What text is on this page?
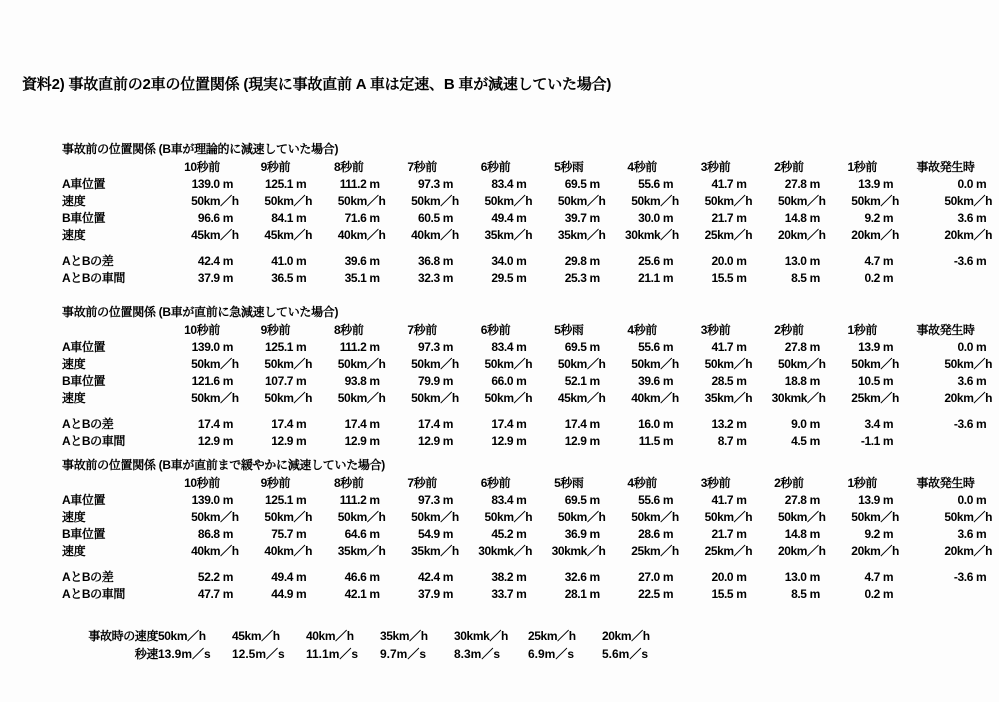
資料2) 事故直前の2車の位置関係 (現実に事故直前 A 車は定速、B 車が減速していた場合)
事故前の位置関係 (B車が理論的に減速していた場合)
	10秒前	9秒前	8秒前	7秒前	6秒前	5秒雨	4秒前	3秒前	2秒前	1秒前	事故発生時
A車位置	139.0 m	125.1 m	111.2 m	97.3 m	83.4 m	69.5 m	55.6 m	41.7 m	27.8 m	13.9 m	0.0 m
速度	50km／h	50km／h	50km／h	50km／h	50km／h	50km／h	50km／h	50km／h	50km／h	50km／h	50km／h
B車位置	96.6 m	84.1 m	71.6 m	60.5 m	49.4 m	39.7 m	30.0 m	21.7 m	14.8 m	9.2 m	3.6 m
速度	45km／h	45km／h	40km／h	40km／h	35km／h	35km／h	30kmk／h	25km／h	20km／h	20km／h	20km／h

AとBの差	42.4 m	41.0 m	39.6 m	36.8 m	34.0 m	29.8 m	25.6 m	20.0 m	13.0 m	4.7 m	-3.6 m
AとBの車間	37.9 m	36.5 m	35.1 m	32.3 m	29.5 m	25.3 m	21.1 m	15.5 m	8.5 m	0.2 m	
事故前の位置関係 (B車が直前に急減速していた場合)
	10秒前	9秒前	8秒前	7秒前	6秒前	5秒雨	4秒前	3秒前	2秒前	1秒前	事故発生時
A車位置	139.0 m	125.1 m	111.2 m	97.3 m	83.4 m	69.5 m	55.6 m	41.7 m	27.8 m	13.9 m	0.0 m
速度	50km／h	50km／h	50km／h	50km／h	50km／h	50km／h	50km／h	50km／h	50km／h	50km／h	50km／h
B車位置	121.6 m	107.7 m	93.8 m	79.9 m	66.0 m	52.1 m	39.6 m	28.5 m	18.8 m	10.5 m	3.6 m
速度	50km／h	50km／h	50km／h	50km／h	50km／h	45km／h	40km／h	35km／h	30kmk／h	25km／h	20km／h

AとBの差	17.4 m	17.4 m	17.4 m	17.4 m	17.4 m	17.4 m	16.0 m	13.2 m	9.0 m	3.4 m	-3.6 m
AとBの車間	12.9 m	12.9 m	12.9 m	12.9 m	12.9 m	12.9 m	11.5 m	8.7 m	4.5 m	-1.1 m	
事故前の位置関係 (B車が直前まで緩やかに減速していた場合)
	10秒前	9秒前	8秒前	7秒前	6秒前	5秒雨	4秒前	3秒前	2秒前	1秒前	事故発生時
A車位置	139.0 m	125.1 m	111.2 m	97.3 m	83.4 m	69.5 m	55.6 m	41.7 m	27.8 m	13.9 m	0.0 m
速度	50km／h	50km／h	50km／h	50km／h	50km／h	50km／h	50km／h	50km／h	50km／h	50km／h	50km／h
B車位置	86.8 m	75.7 m	64.6 m	54.9 m	45.2 m	36.9 m	28.6 m	21.7 m	14.8 m	9.2 m	3.6 m
速度	40km／h	40km／h	35km／h	35km／h	30kmk／h	30kmk／h	25km／h	25km／h	20km／h	20km／h	20km／h

AとBの差	52.2 m	49.4 m	46.6 m	42.4 m	38.2 m	32.6 m	27.0 m	20.0 m	13.0 m	4.7 m	-3.6 m
AとBの車間	47.7 m	44.9 m	42.1 m	37.9 m	33.7 m	28.1 m	22.5 m	15.5 m	8.5 m	0.2 m	
事故時の速度	50km／h	45km／h	40km／h	35km／h	30kmk／h	25km／h	20km／h
秒速	13.9m／s	12.5m／s	11.1m／s	9.7m／s	8.3m／s	6.9m／s	5.6m／s
